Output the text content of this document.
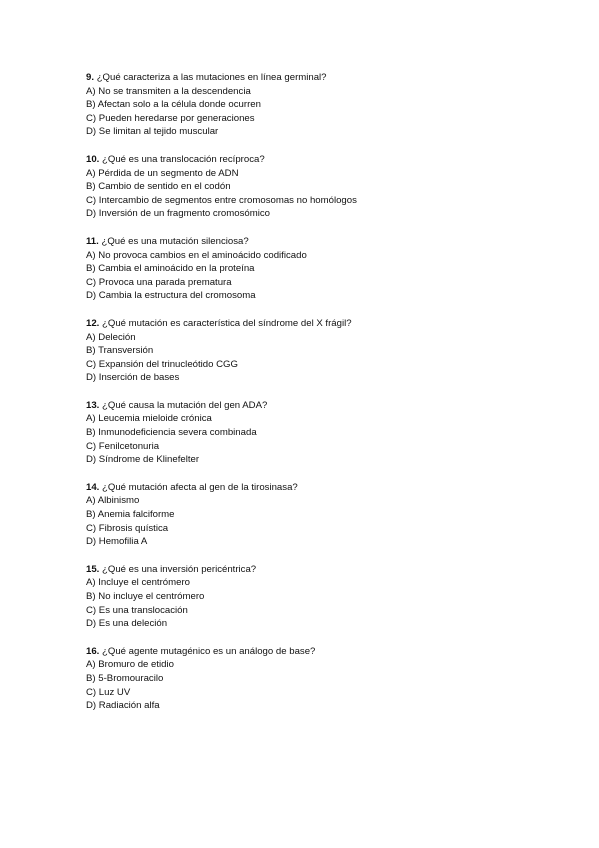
9. ¿Qué caracteriza a las mutaciones en línea germinal?

A) No se transmiten a la descendencia

B) Afectan solo a la célula donde ocurren

C) Pueden heredarse por generaciones

D) Se limitan al tejido muscular

10. ¿Qué es una translocación recíproca?

A) Pérdida de un segmento de ADN

B) Cambio de sentido en el codón

C) Intercambio de segmentos entre cromosomas no homólogos

D) Inversión de un fragmento cromosómico

11. ¿Qué es una mutación silenciosa?

A) No provoca cambios en el aminoácido codificado

B) Cambia el aminoácido en la proteína

C) Provoca una parada prematura

D) Cambia la estructura del cromosoma

12. ¿Qué mutación es característica del síndrome del X frágil?

A) Deleción

B) Transversión

C) Expansión del trinucleótido CGG

D) Inserción de bases

13. ¿Qué causa la mutación del gen ADA?

A) Leucemia mieloide crónica

B) Inmunodeficiencia severa combinada

C) Fenilcetonuria

D) Síndrome de Klinefelter

14. ¿Qué mutación afecta al gen de la tirosinasa?

A) Albinismo

B) Anemia falciforme

C) Fibrosis quística

D) Hemofilia A

15. ¿Qué es una inversión pericéntrica?

A) Incluye el centrómero

B) No incluye el centrómero

C) Es una translocación

D) Es una deleción

16. ¿Qué agente mutagénico es un análogo de base?

A) Bromuro de etidio

B) 5-Bromouracilo

C) Luz UV

D) Radiación alfa
